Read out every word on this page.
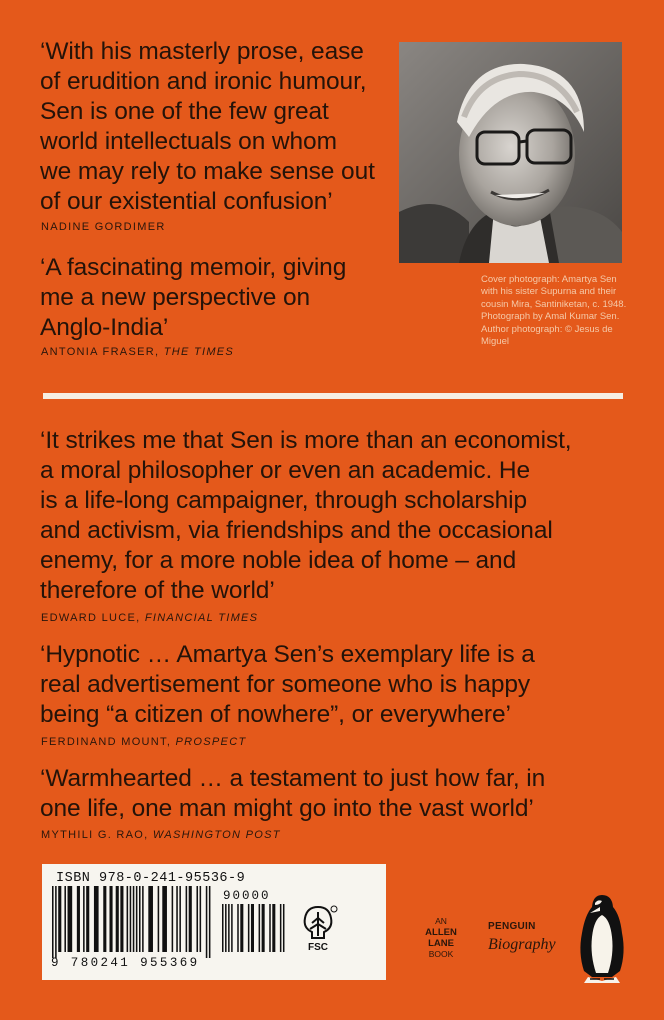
‘With his masterly prose, ease
of erudition and ironic humour,
Sen is one of the few great
world intellectuals on whom
we may rely to make sense out
of our existential confusion’
NADINE GORDIMER
‘A fascinating memoir, giving
me a new perspective on
Anglo-India’
ANTONIA FRASER, THE TIMES
Cover photograph: Amartya Sen with his sister Supurna and their cousin Mira, Santiniketan, c. 1948. Photograph by Amal Kumar Sen. Author photograph: © Jesus de Miguel
‘It strikes me that Sen is more than an economist,
a moral philosopher or even an academic. He
is a life-long campaigner, through scholarship
and activism, via friendships and the occasional
enemy, for a more noble idea of home – and
therefore of the world’
EDWARD LUCE, FINANCIAL TIMES
‘Hypnotic … Amartya Sen’s exemplary life is a
real advertisement for someone who is happy
being “a citizen of nowhere”, or everywhere’
FERDINAND MOUNT, PROSPECT
‘Warmhearted … a testament to just how far, in
one life, one man might go into the vast world’
MYTHILI G. RAO, WASHINGTON POST
ISBN 978-0-241-95536-9
9 780241 955369
90000
FSC
AN
ALLEN
LANE
BOOK
PENGUIN
Biography
